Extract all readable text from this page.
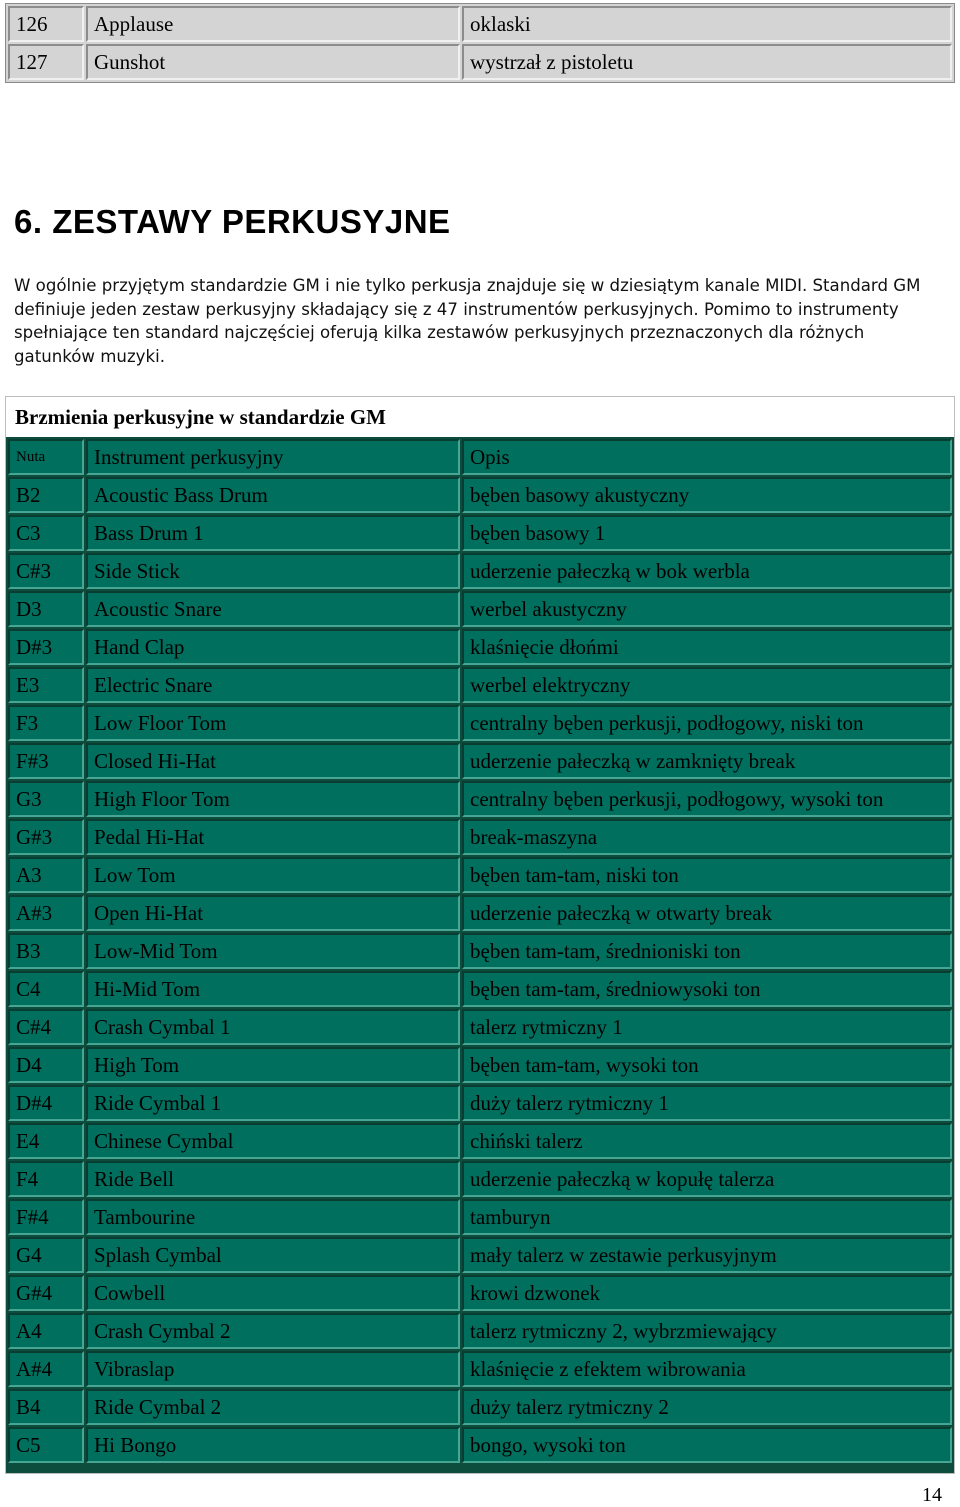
126	Applause	oklaski
127	Gunshot	wystrzał z pistoletu
6. ZESTAWY PERKUSYJNE

W ogólnie przyjętym standardzie GM i nie tylko perkusja znajduje się w dziesiątym kanale MIDI. Standard GM definiuje jeden zestaw perkusyjny składający się z 47 instrumentów perkusyjnych. Pomimo to instrumenty spełniające ten standard najczęściej oferują kilka zestawów perkusyjnych przeznaczonych dla różnych gatunków muzyki.

Brzmienia perkusyjne w standardzie GM
Nuta	Instrument perkusyjny	Opis
B2	Acoustic Bass Drum	bęben basowy akustyczny
C3	Bass Drum 1	bęben basowy 1
C#3	Side Stick	uderzenie pałeczką w bok werbla
D3	Acoustic Snare	werbel akustyczny
D#3	Hand Clap	klaśnięcie dłońmi
E3	Electric Snare	werbel elektryczny
F3	Low Floor Tom	centralny bęben perkusji, podłogowy, niski ton
F#3	Closed Hi-Hat	uderzenie pałeczką w zamknięty break
G3	High Floor Tom	centralny bęben perkusji, podłogowy, wysoki ton
G#3	Pedal Hi-Hat	break-maszyna
A3	Low Tom	bęben tam-tam, niski ton
A#3	Open Hi-Hat	uderzenie pałeczką w otwarty break
B3	Low-Mid Tom	bęben tam-tam, średnioniski ton
C4	Hi-Mid Tom	bęben tam-tam, średniowysoki ton
C#4	Crash Cymbal 1	talerz rytmiczny 1
D4	High Tom	bęben tam-tam, wysoki ton
D#4	Ride Cymbal 1	duży talerz rytmiczny 1
E4	Chinese Cymbal	chiński talerz
F4	Ride Bell	uderzenie pałeczką w kopułę talerza
F#4	Tambourine	tamburyn
G4	Splash Cymbal	mały talerz w zestawie perkusyjnym
G#4	Cowbell	krowi dzwonek
A4	Crash Cymbal 2	talerz rytmiczny 2, wybrzmiewający
A#4	Vibraslap	klaśnięcie z efektem wibrowania
B4	Ride Cymbal 2	duży talerz rytmiczny 2
C5	Hi Bongo	bongo, wysoki ton
14
